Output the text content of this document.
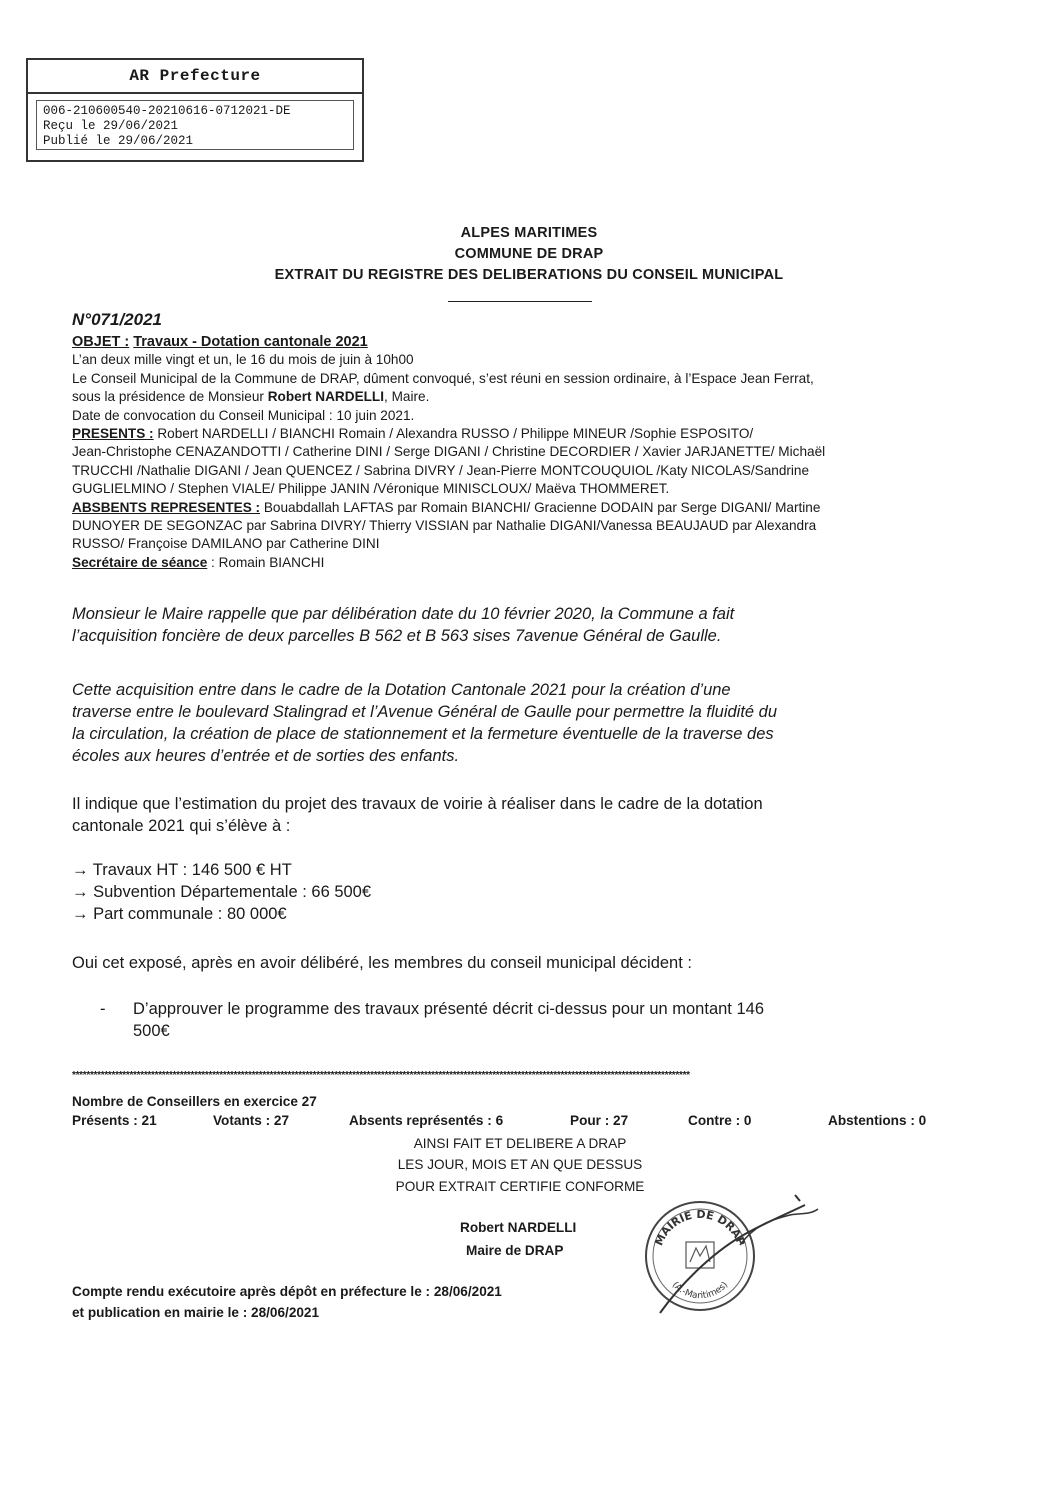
AR Prefecture
006-210600540-20210616-0712021-DE
Reçu le 29/06/2021
Publié le 29/06/2021
ALPES MARITIMES
COMMUNE DE DRAP
EXTRAIT DU REGISTRE DES DELIBERATIONS DU CONSEIL MUNICIPAL
N°071/2021
OBJET : Travaux - Dotation cantonale 2021
L’an deux mille vingt et un, le 16 du mois de juin à 10h00
Le Conseil Municipal de la Commune de DRAP, dûment convoqué, s’est réuni en session ordinaire, à l’Espace Jean Ferrat,
sous la présidence de Monsieur Robert NARDELLI, Maire.
Date de convocation du Conseil Municipal : 10 juin 2021.
PRESENTS : Robert NARDELLI / BIANCHI Romain / Alexandra RUSSO / Philippe MINEUR /Sophie ESPOSITO/
Jean-Christophe CENAZANDOTTI / Catherine DINI / Serge DIGANI / Christine DECORDIER / Xavier JARJANETTE/ Michaël
TRUCCHI /Nathalie DIGANI / Jean QUENCEZ / Sabrina DIVRY / Jean-Pierre MONTCOUQUIOL /Katy NICOLAS/Sandrine
GUGLIELMINO / Stephen VIALE/ Philippe JANIN /Véronique MINISCLOUX/ Maëva THOMMERET.
ABSBENTS REPRESENTES : Bouabdallah LAFTAS par Romain BIANCHI/ Gracienne DODAIN par Serge DIGANI/ Martine
DUNOYER DE SEGONZAC par Sabrina DIVRY/ Thierry VISSIAN par Nathalie DIGANI/Vanessa BEAUJAUD par Alexandra
RUSSO/ Françoise DAMILANO par Catherine DINI
Secrétaire de séance : Romain BIANCHI
Monsieur le Maire rappelle que par délibération date du 10 février 2020, la Commune a fait
l’acquisition foncière de deux parcelles B 562 et B 563 sises 7avenue Général de Gaulle.
Cette acquisition entre dans le cadre de la Dotation Cantonale 2021 pour la création d’une
traverse entre le boulevard Stalingrad et l’Avenue Général de Gaulle pour permettre la fluidité du
la circulation, la création de place de stationnement et la fermeture éventuelle de la traverse des
écoles aux heures d’entrée et de sorties des enfants.
Il indique que l’estimation du projet des travaux de voirie à réaliser dans le cadre de la dotation
cantonale 2021 qui s’élève à :
→ Travaux HT : 146 500 € HT
→ Subvention Départementale : 66 500€
→ Part communale : 80 000€
Oui cet exposé, après en avoir délibéré, les membres du conseil municipal décident :
-	D’approuver le programme des travaux présenté décrit ci-dessus pour un montant 146
500€
****************************************************************************************************************************************************************************
Nombre de Conseillers en exercice 27
Présents : 21	Votants : 27	Absents représentés : 6	Pour : 27	Contre : 0	Abstentions : 0
AINSI FAIT ET DELIBERE A DRAP
LES JOUR, MOIS ET AN QUE DESSUS
POUR EXTRAIT CERTIFIE CONFORME
Robert NARDELLI
Maire de DRAP
MAIRIE DE DRAP
(A.-Maritimes)
Compte rendu exécutoire après dépôt en préfecture le : 28/06/2021
et publication en mairie le : 28/06/2021
